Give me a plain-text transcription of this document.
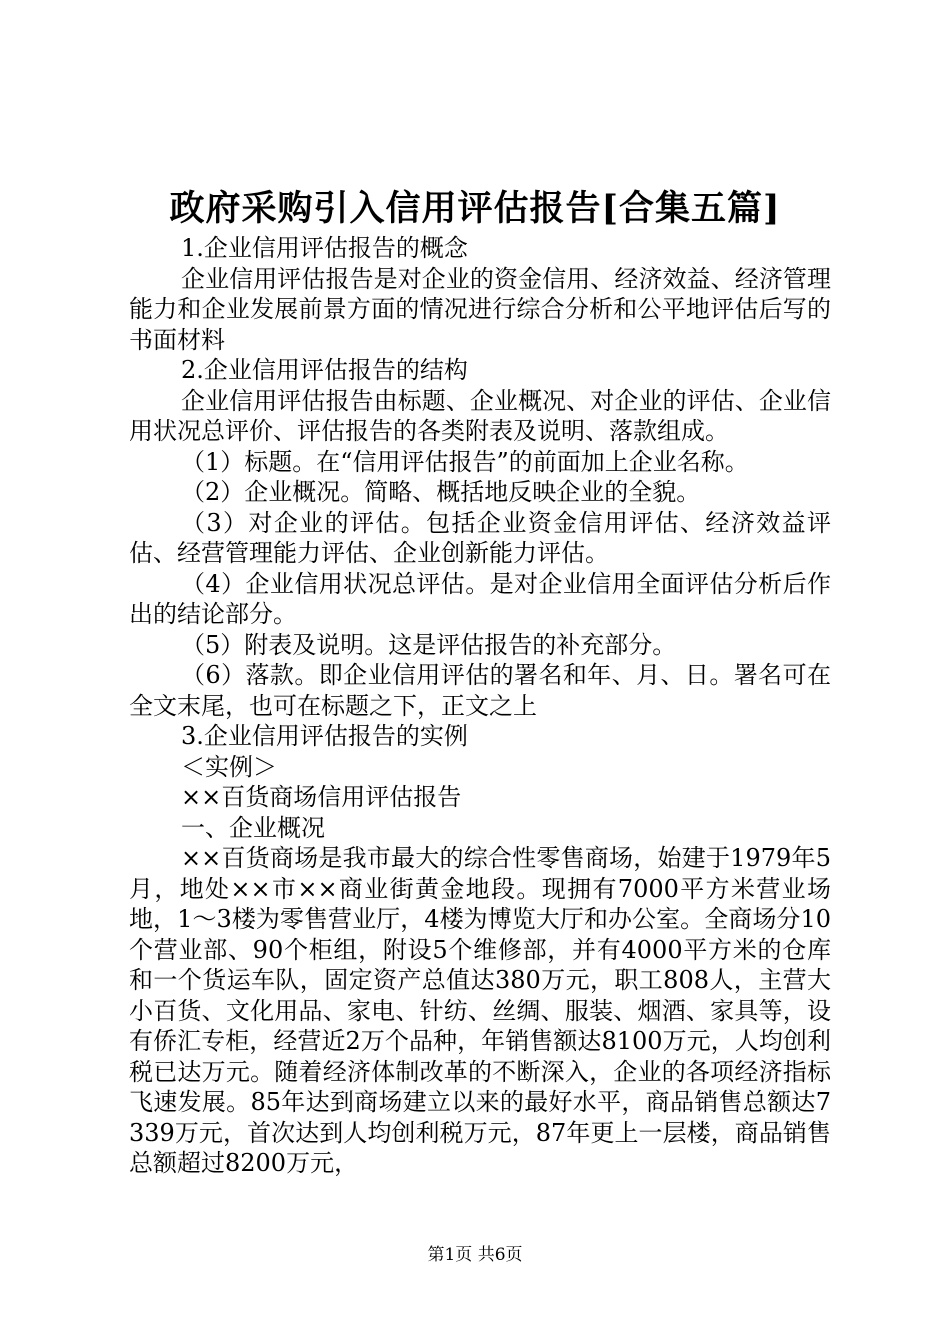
政府采购引入信用评估报告[合集五篇]

1.企业信用评估报告的概念

企业信用评估报告是对企业的资金信用、经济效益、经济管理能力和企业发展前景方面的情况进行综合分析和公平地评估后写的书面材料

2.企业信用评估报告的结构

企业信用评估报告由标题、企业概况、对企业的评估、企业信用状况总评价、评估报告的各类附表及说明、落款组成。

（1）标题。在“信用评估报告”的前面加上企业名称。

（2）企业概况。简略、概括地反映企业的全貌。

（3）对企业的评估。包括企业资金信用评估、经济效益评估、经营管理能力评估、企业创新能力评估。

（4）企业信用状况总评估。是对企业信用全面评估分析后作出的结论部分。

（5）附表及说明。这是评估报告的补充部分。

（6）落款。即企业信用评估的署名和年、月、日。署名可在全文末尾，也可在标题之下，正文之上

3.企业信用评估报告的实例

＜实例＞

××百货商场信用评估报告

一、企业概况

××百货商场是我市最大的综合性零售商场，始建于1979年5月，地处××市××商业街黄金地段。现拥有7000平方米营业场地，1～3楼为零售营业厅，4楼为博览大厅和办公室。全商场分10个营业部、90个柜组，附设5个维修部，并有4000平方米的仓库和一个货运车队，固定资产总值达380万元，职工808人，主营大小百货、文化用品、家电、针纺、丝绸、服装、烟酒、家具等，设有侨汇专柜，经营近2万个品种，年销售额达8100万元，人均创利税已达万元。随着经济体制改革的不断深入，企业的各项经济指标飞速发展。85年达到商场建立以来的最好水平，商品销售总额达7339万元，首次达到人均创利税万元，87年更上一层楼，商品销售总额超过8200万元，

第1页 共6页
